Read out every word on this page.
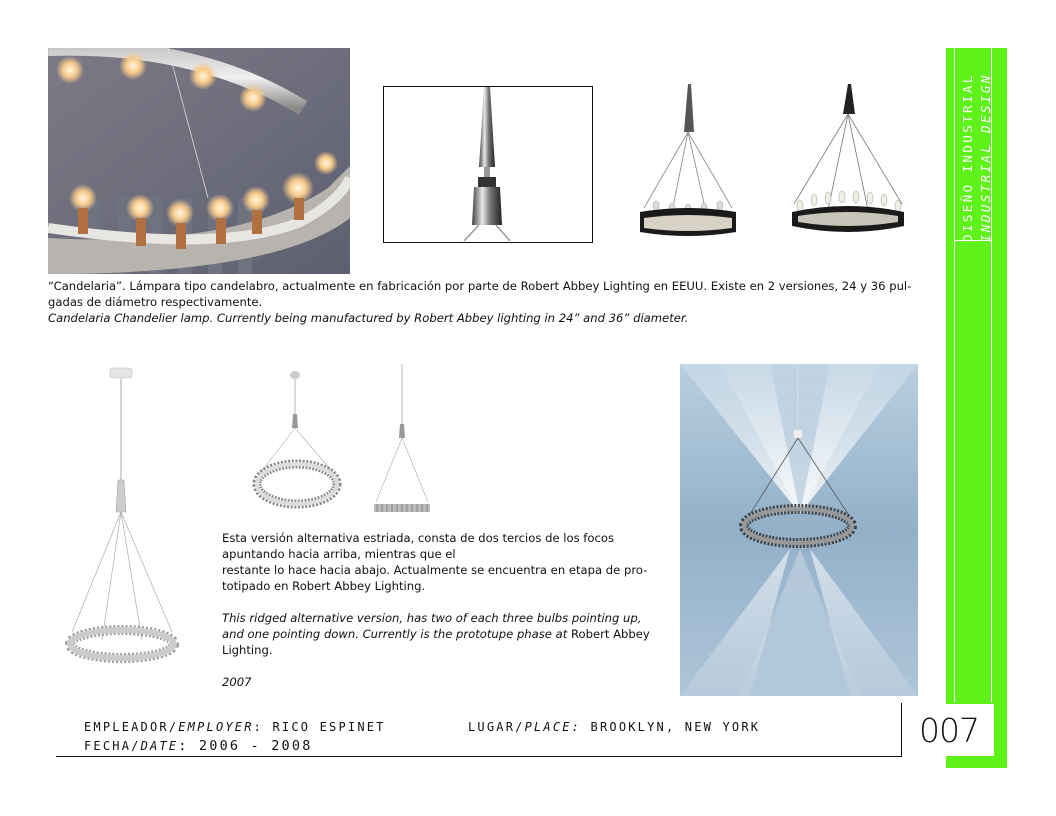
“Candelaria”. Lámpara tipo candelabro, actualmente en fabricación por parte de Robert Abbey Lighting en EEUU. Existe en 2 versiones, 24 y 36 pul-
gadas de diámetro respectivamente.
Candelaria Chandelier lamp. Currently being manufactured by Robert Abbey lighting in 24” and 36” diameter.

Esta versión alternativa estriada, consta de dos tercios de los focos

apuntando hacia arriba, mientras que el

restante lo hace hacia abajo. Actualmente se encuentra en etapa de pro-

totipado en Robert Abbey Lighting.

This ridged alternative version, has two of each three bulbs pointing up,

and one pointing down. Currently is the prototupe phase at Robert Abbey

Lighting.

2007

EMPLEADOR/EMPLOYER: RICO ESPINET	LUGAR/PLACE: BROOKLYN, NEW YORK
FECHA/DATE: 2006 - 2008
DISEÑO INDUSTRIAL INDUSTRIAL DESIGN
007
